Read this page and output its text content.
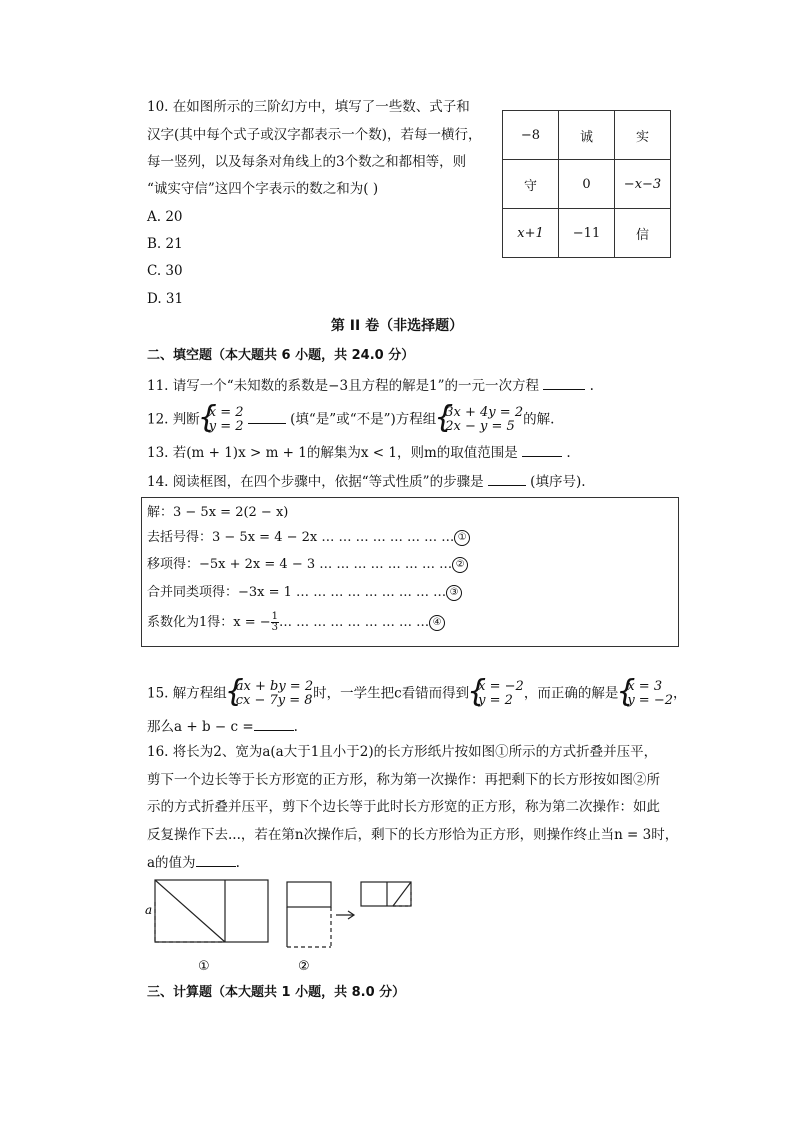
10. 在如图所示的三阶幻方中，填写了一些数、式子和
汉字(其中每个式子或汉字都表示一个数)，若每一横行，
每一竖列，以及每条对角线上的3个数之和都相等，则
“诚实守信”这四个字表示的数之和为( )
A. 20
B. 21
C. 30
D. 31
−8	诚	实
守	0	−x−3
x+1	−11	信
第 II 卷（非选择题）
二、填空题（本大题共 6 小题，共 24.0 分）
11. 请写一个“未知数的系数是−3且方程的解是1”的一元一次方程	.
12. 判断 { x = 2
y = 2	(填“是”或“不是”)方程组 { 3x + 4y = 2
2x − y = 5 的解.
13. 若(m + 1)x > m + 1的解集为x < 1，则m的取值范围是	.
14. 阅读框图，在四个步骤中，依据“等式性质”的步骤是	(填序号).
解：3 − 5x = 2(2 − x)
去括号得：3 − 5x = 4 − 2x … … … … … … … … ①
移项得：−5x + 2x = 4 − 3 … … … … … … … … ②
合并同类项得：−3x = 1 … … … … … … … … … ③
系数化为1得：x = − $\frac{1}{3}$ … … … … … … … … … ④
15. 解方程组 { ax + by = 2
cx − 7y = 8 时，一学生把c看错而得到 { x = −2
y = 2 ，而正确的解是 { x = 3
y = −2 ，
那么a + b − c =	.
16. 将长为2、宽为a(a大于1且小于2)的长方形纸片按如图①所示的方式折叠并压平，
剪下一个边长等于长方形宽的正方形，称为第一次操作：再把剩下的长方形按如图②所
示的方式折叠并压平，剪下个边长等于此时长方形宽的正方形，称为第二次操作：如此
反复操作下去...，若在第n次操作后，剩下的长方形恰为正方形，则操作终止当n = 3时，
a的值为	.
a
①	②
三、计算题（本大题共 1 小题，共 8.0 分）
